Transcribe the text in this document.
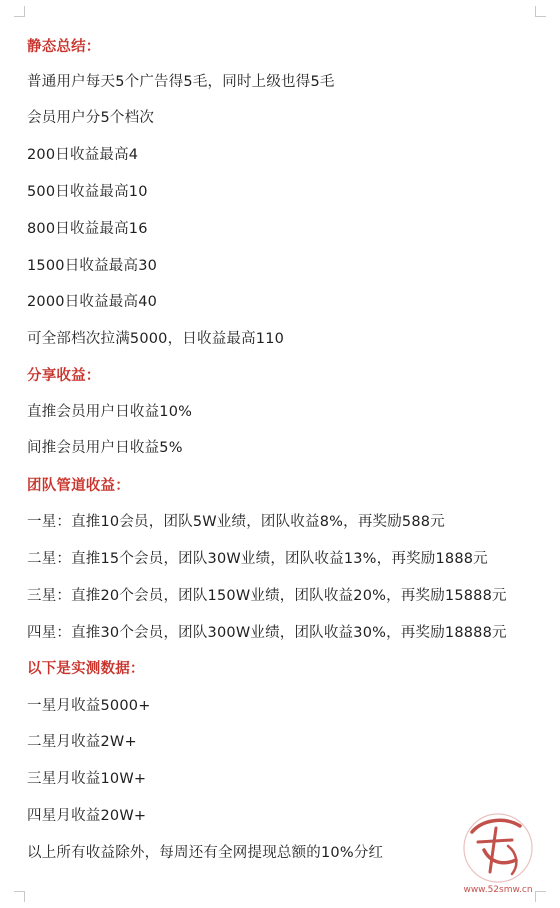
静态总结：
普通用户每天5个广告得5毛，同时上级也得5毛
会员用户分5个档次
200日收益最高4
500日收益最高10
800日收益最高16
1500日收益最高30
2000日收益最高40
可全部档次拉满5000，日收益最高110
分享收益：
直推会员用户日收益10%
间推会员用户日收益5%
团队管道收益：
一星：直推10会员，团队5W业绩，团队收益8%，再奖励588元
二星：直推15个会员，团队30W业绩，团队收益13%，再奖励1888元
三星：直推20个会员，团队150W业绩，团队收益20%，再奖励15888元
四星：直推30个会员，团队300W业绩，团队收益30%，再奖励18888元
以下是实测数据：
一星月收益5000+
二星月收益2W+
三星月收益10W+
四星月收益20W+
以上所有收益除外，每周还有全网提现总额的10%分红
www.52smw.cn
